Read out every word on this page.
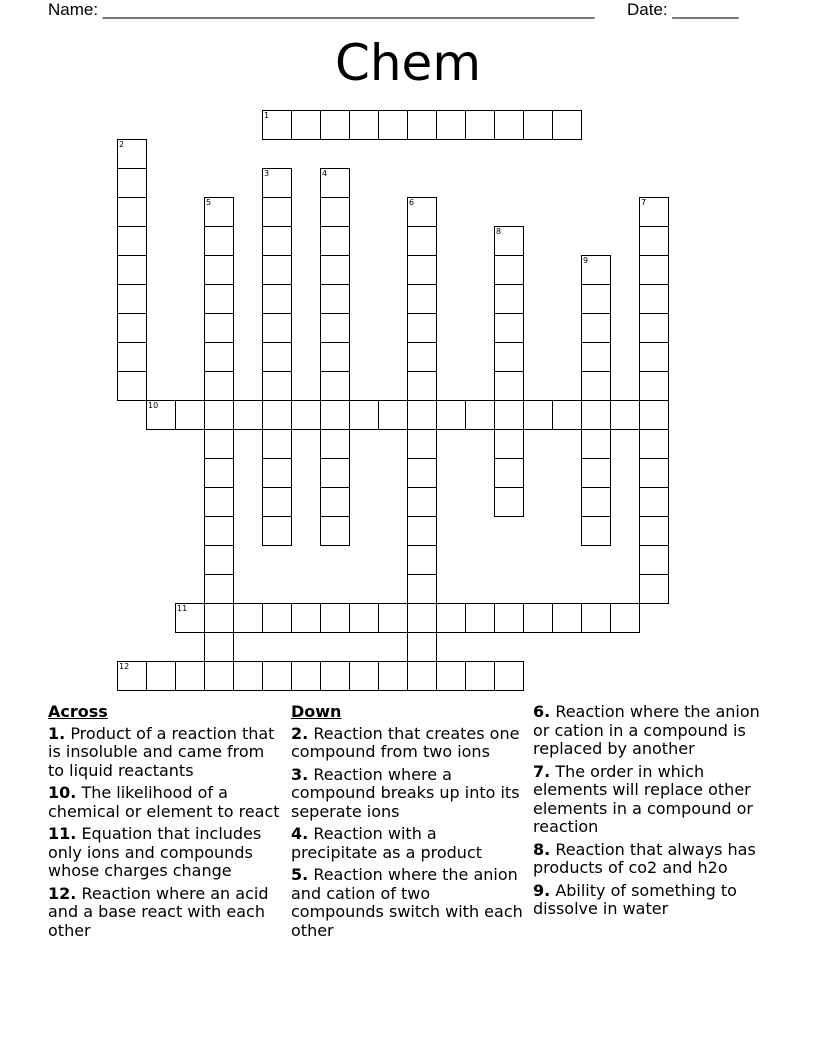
Name: ____________________________________________________ Date: _______
Chem
1
2
3	4
5	6	7
8
9
10
11
12
Across
1. Product of a reaction that is insoluble and came from to liquid reactants
10. The likelihood of a chemical or element to react
11. Equation that includes only ions and compounds whose charges change
12. Reaction where an acid and a base react with each other
Down
2. Reaction that creates one compound from two ions
3. Reaction where a compound breaks up into its seperate ions
4. Reaction with a precipitate as a product
5. Reaction where the anion and cation of two compounds switch with each other
6. Reaction where the anion or cation in a compound is replaced by another
7. The order in which elements will replace other elements in a compound or reaction
8. Reaction that always has products of co2 and h2o
9. Ability of something to dissolve in water
